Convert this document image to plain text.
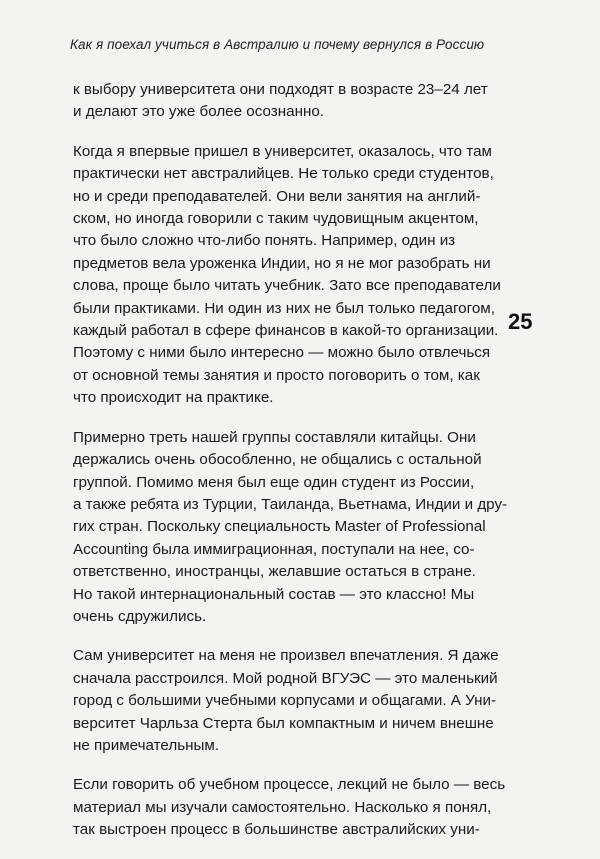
Как я поехал учиться в Австралию и почему вернулся в Россию

к выбору университета они подходят в возрасте 23–24 лет
и делают это уже более осознанно.

Когда я впервые пришел в университет, оказалось, что там
практически нет австралийцев. Не только среди студентов,
но и среди преподавателей. Они вели занятия на англий-
ском, но иногда говорили с таким чудовищным акцентом,
что было сложно что-либо понять. Например, один из
предметов вела уроженка Индии, но я не мог разобрать ни
слова, проще было читать учебник. Зато все преподаватели
были практиками. Ни один из них не был только педагогом,
каждый работал в сфере финансов в какой-то организации.
Поэтому с ними было интересно — можно было отвлечься
от основной темы занятия и просто поговорить о том, как
что происходит на практике.

Примерно треть нашей группы составляли китайцы. Они
держались очень обособленно, не общались с остальной
группой. Помимо меня был еще один студент из России,
а также ребята из Турции, Таиланда, Вьетнама, Индии и дру-
гих стран. Поскольку специальность Master of Professional
Accounting была иммиграционная, поступали на нее, со-
ответственно, иностранцы, желавшие остаться в стране.
Но такой интернациональный состав — это классно! Мы
очень сдружились.

Сам университет на меня не произвел впечатления. Я даже
сначала расстроился. Мой родной ВГУЭС — это маленький
город с большими учебными корпусами и общагами. А Уни-
верситет Чарльза Стерта был компактным и ничем внешне
не примечательным.

Если говорить об учебном процессе, лекций не было — весь
материал мы изучали самостоятельно. Насколько я понял,
так выстроен процесс в большинстве австралийских уни-

25
